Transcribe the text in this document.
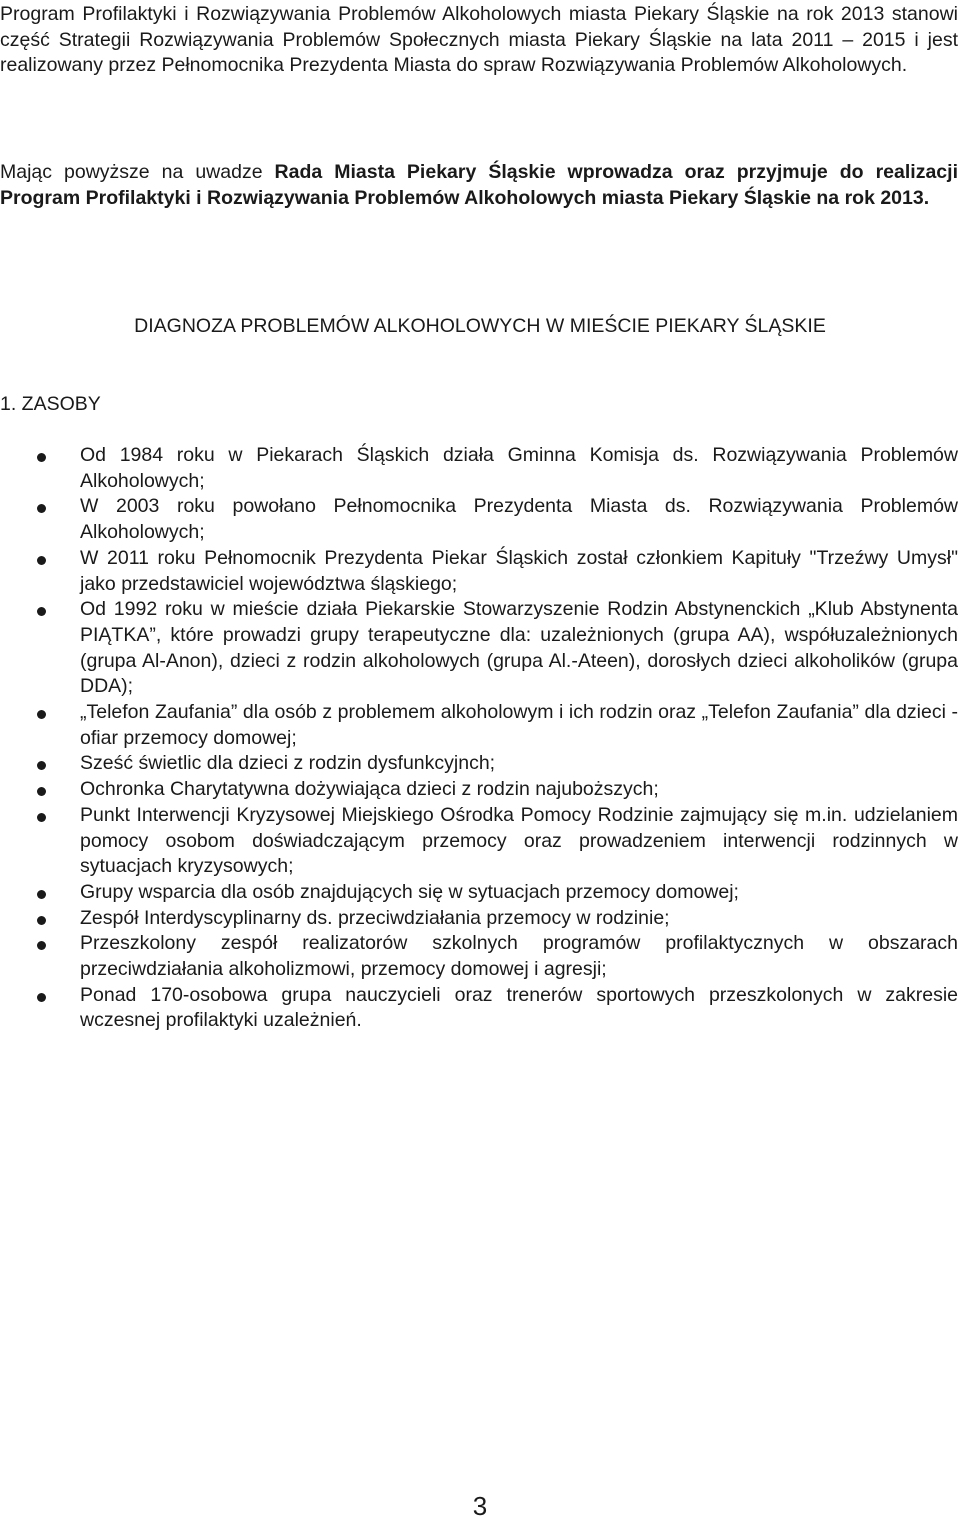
Program Profilaktyki i Rozwiązywania Problemów Alkoholowych miasta Piekary Śląskie na rok 2013 stanowi część Strategii Rozwiązywania Problemów Społecznych miasta Piekary Śląskie na lata 2011 – 2015 i jest realizowany przez Pełnomocnika Prezydenta Miasta do spraw Rozwiązywania Problemów Alkoholowych.

Mając powyższe na uwadze Rada Miasta Piekary Śląskie wprowadza oraz przyjmuje do realizacji Program Profilaktyki i Rozwiązywania Problemów Alkoholowych miasta Piekary Śląskie na rok 2013.

DIAGNOZA PROBLEMÓW ALKOHOLOWYCH W MIEŚCIE PIEKARY ŚLĄSKIE
1. ZASOBY
Od 1984 roku w Piekarach Śląskich działa Gminna Komisja ds. Rozwiązywania Problemów Alkoholowych;
W 2003 roku powołano Pełnomocnika Prezydenta Miasta ds. Rozwiązywania Problemów Alkoholowych;
W 2011 roku Pełnomocnik Prezydenta Piekar Śląskich został członkiem Kapituły "Trzeźwy Umysł" jako przedstawiciel województwa śląskiego;
Od 1992 roku w mieście działa Piekarskie Stowarzyszenie Rodzin Abstynenckich „Klub Abstynenta PIĄTKA”, które prowadzi grupy terapeutyczne dla: uzależnionych (grupa AA), współuzależnionych (grupa Al-Anon), dzieci z rodzin alkoholowych (grupa Al.-Ateen), dorosłych dzieci alkoholików (grupa DDA);
„Telefon Zaufania” dla osób z problemem alkoholowym i ich rodzin oraz „Telefon Zaufania” dla dzieci - ofiar przemocy domowej;
Sześć świetlic dla dzieci z rodzin dysfunkcyjnch;
Ochronka Charytatywna dożywiająca dzieci z rodzin najuboższych;
Punkt Interwencji Kryzysowej Miejskiego Ośrodka Pomocy Rodzinie zajmujący się m.in. udzielaniem pomocy osobom doświadczającym przemocy oraz prowadzeniem interwencji rodzinnych w sytuacjach kryzysowych;
Grupy wsparcia dla osób znajdujących się w sytuacjach przemocy domowej;
Zespół Interdyscyplinarny ds. przeciwdziałania przemocy w rodzinie;
Przeszkolony zespół realizatorów szkolnych programów profilaktycznych w obszarach przeciwdziałania alkoholizmowi, przemocy domowej i agresji;
Ponad 170-osobowa grupa nauczycieli oraz trenerów sportowych przeszkolonych w zakresie wczesnej profilaktyki uzależnień.
3
